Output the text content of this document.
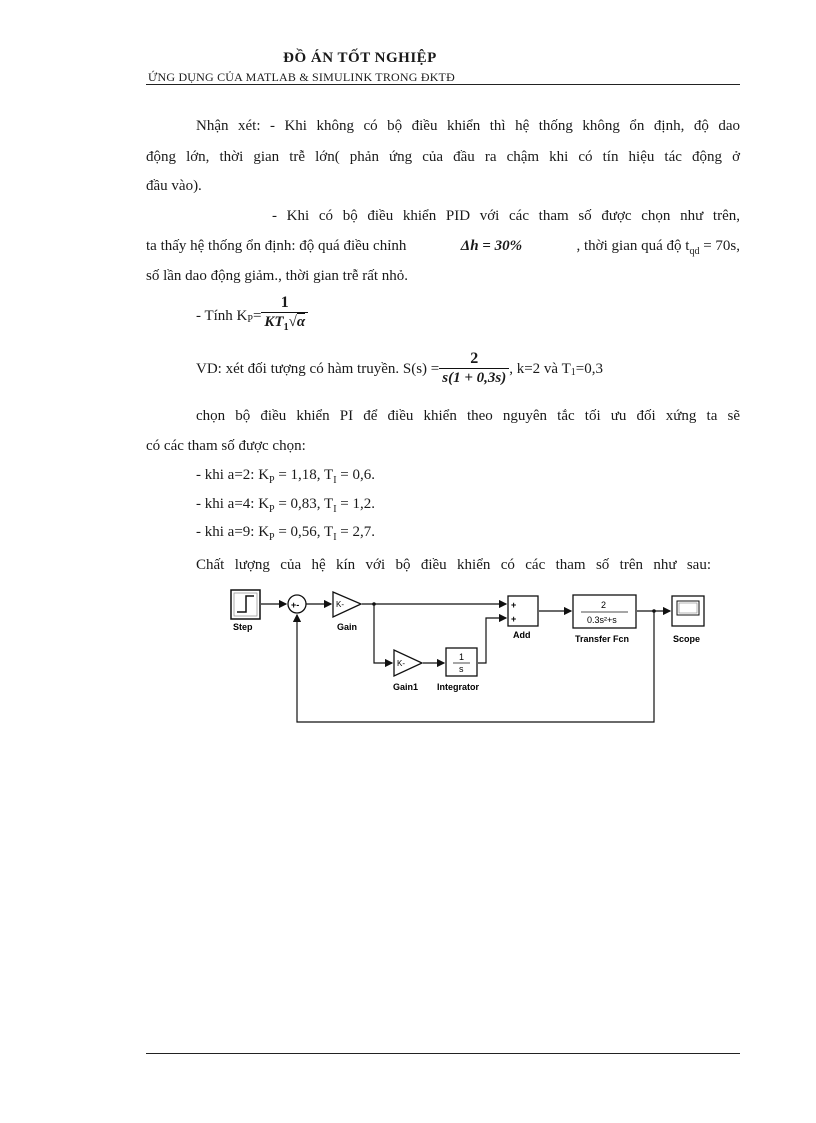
ĐỒ ÁN TỐT NGHIỆP
ỨNG DỤNG CỦA MATLAB & SIMULINK TRONG ĐKTĐ
Nhận xét: - Khi không có bộ điều khiển thì hệ thống không ổn định, độ dao
động lớn, thời gian trễ lớn( phản ứng của đầu ra chậm khi có tín hiệu tác động ở
đầu vào).
- Khi có bộ điều khiển PID với các tham số được chọn như trên,
ta thấy hệ thống ổn định: độ quá điều chỉnh	Δh = 30%	, thời gian quá độ $t_{qd} = 70s$,
số lần dao động giảm., thời gian trễ rất nhỏ.
- Tính $K_P = \frac{1}{KT_1√\alpha}$
VD: xét đối tượng có hàm truyền. $S(s) = \frac{2}{s(1 + 0,3s)}$ , k=2 và $T_1 =0,3$
chọn bộ điều khiển PI để điều khiển theo nguyên tắc tối ưu đối xứng ta sẽ
có các tham số được chọn:
- khi a=2: $K_P = 1,18$, $T_I = 0,6$.
- khi a=4: $K_P = 0,83$, $T_I = 1,2$.
- khi a=9: $K_P = 0,56$, $T_I = 2,7$.
Chất lượng của hệ kín với bộ điều khiển có các tham số trên như sau:
Step
+-	K-
Gain
K-
Gain1
1
s
Integrator
+
+
Add
2
0.3s²+s
Transfer Fcn	Scope
